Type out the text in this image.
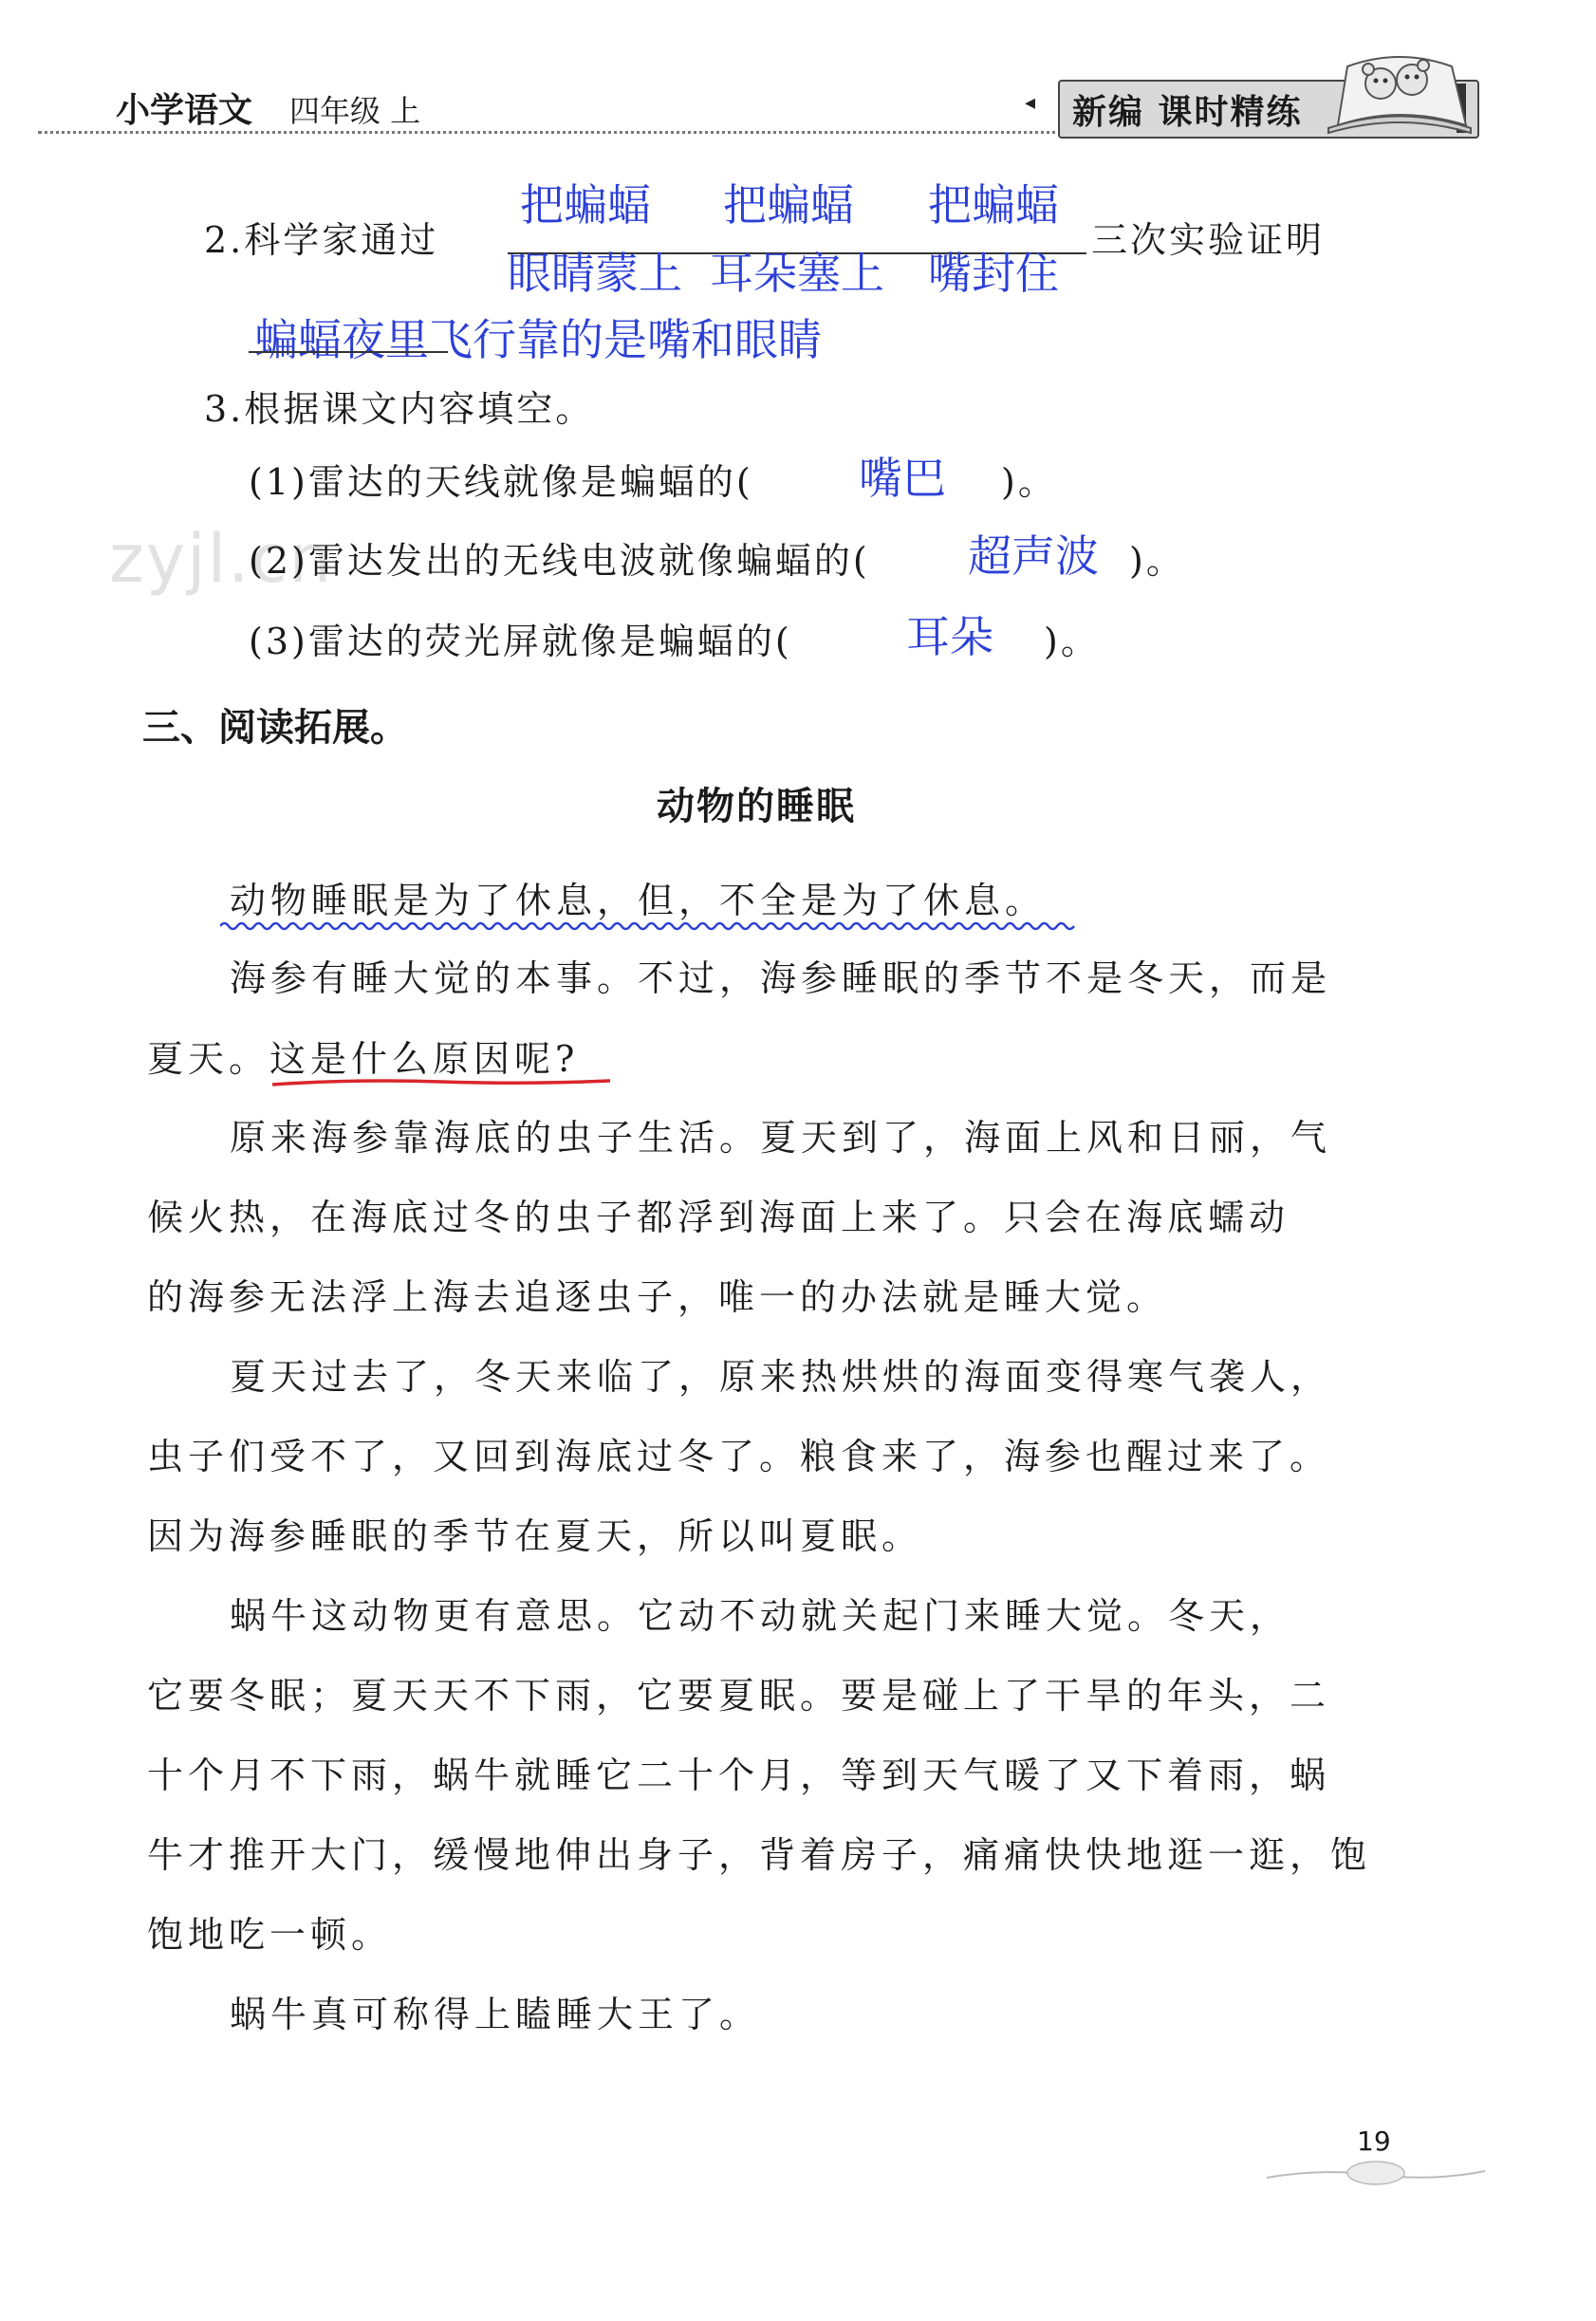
小学语文 四年级 上	◂ 新编 课时精练
zyjl.cn
2.科学家通过
把蝙蝠 把蝙蝠 把蝙蝠
眼睛蒙上 耳朵塞上 嘴封住
三次实验证明
蝙蝠夜里飞行靠的是嘴和眼睛
3.根据课文内容填空。
(1)雷达的天线就像是蝙蝠的( 嘴巴 )。
(2)雷达发出的无线电波就像蝙蝠的( 超声波 )。
(3)雷达的荧光屏就像是蝙蝠的(	耳朵 )。
三、阅读拓展。
动物的睡眠
动物睡眠是为了休息，但，不全是为了休息。
海参有睡大觉的本事。不过，海参睡眠的季节不是冬天，而是
夏天。这是什么原因呢?
原来海参靠海底的虫子生活。夏天到了，海面上风和日丽，气
候火热，在海底过冬的虫子都浮到海面上来了。只会在海底蠕动
的海参无法浮上海去追逐虫子，唯一的办法就是睡大觉。
夏天过去了，冬天来临了，原来热烘烘的海面变得寒气袭人，
虫子们受不了，又回到海底过冬了。粮食来了，海参也醒过来了。
因为海参睡眠的季节在夏天，所以叫夏眠。
蜗牛这动物更有意思。它动不动就关起门来睡大觉。冬天，
它要冬眠；夏天天不下雨，它要夏眠。要是碰上了干旱的年头，二
十个月不下雨，蜗牛就睡它二十个月，等到天气暖了又下着雨，蜗
牛才推开大门，缓慢地伸出身子，背着房子，痛痛快快地逛一逛，饱
饱地吃一顿。
蜗牛真可称得上瞌睡大王了。
19
